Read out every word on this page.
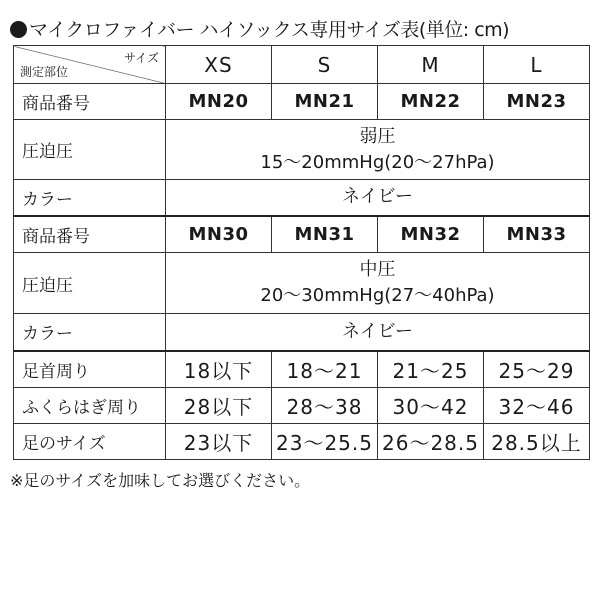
マイクロファイバー ハイソックス専用サイズ表(単位: cm)
サイズ
測定部位	XS	S	M	L
商品番号	MN20	MN21	MN22	MN23
圧迫圧	弱圧
15〜20mmHg(20〜27hPa)			

カラー	ネイビー			
商品番号	MN30	MN31	MN32	MN33
圧迫圧	中圧
20〜30mmHg(27〜40hPa)			

カラー	ネイビー			
足首周り	18以下	18〜21	21〜25	25〜29
ふくらはぎ周り	28以下	28〜38	30〜42	32〜46
足のサイズ	23以下	23〜25.5	26〜28.5	28.5以上
※足のサイズを加味してお選びください。
